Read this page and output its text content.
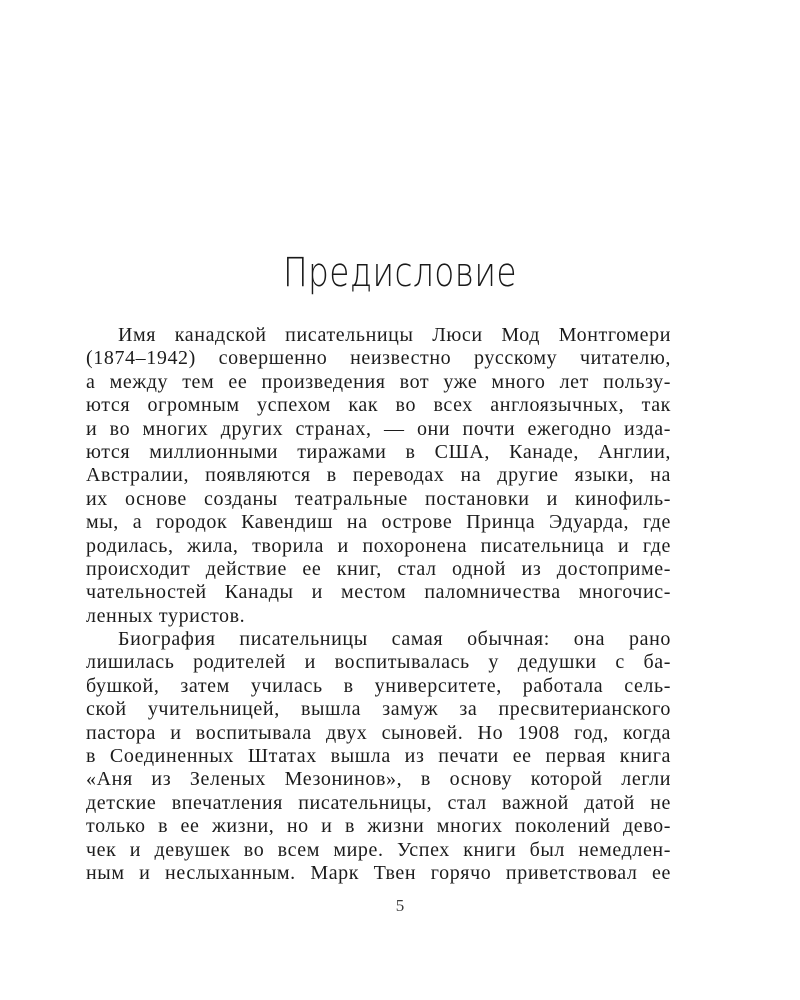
Предисловие
Имя канадской писательницы Люси Мод Монтгомери
(1874–1942) совершенно неизвестно русскому читателю,
а между тем ее произведения вот уже много лет пользу-
ются огромным успехом как во всех англоязычных, так
и во многих других странах, — они почти ежегодно изда-
ются миллионными тиражами в США, Канаде, Англии,
Австралии, появляются в переводах на другие языки, на
их основе созданы театральные постановки и кинофиль-
мы, а городок Кавендиш на острове Принца Эдуарда, где
родилась, жила, творила и похоронена писательница и где
происходит действие ее книг, стал одной из достоприме-
чательностей Канады и местом паломничества многочис-
ленных туристов.
Биография писательницы самая обычная: она рано
лишилась родителей и воспитывалась у дедушки с ба-
бушкой, затем училась в университете, работала сель-
ской учительницей, вышла замуж за пресвитерианского
пастора и воспитывала двух сыновей. Но 1908 год, когда
в Соединенных Штатах вышла из печати ее первая книга
«Аня из Зеленых Мезонинов», в основу которой легли
детские впечатления писательницы, стал важной датой не
только в ее жизни, но и в жизни многих поколений дево-
чек и девушек во всем мире. Успех книги был немедлен-
ным и неслыханным. Марк Твен горячо приветствовал ее
5
